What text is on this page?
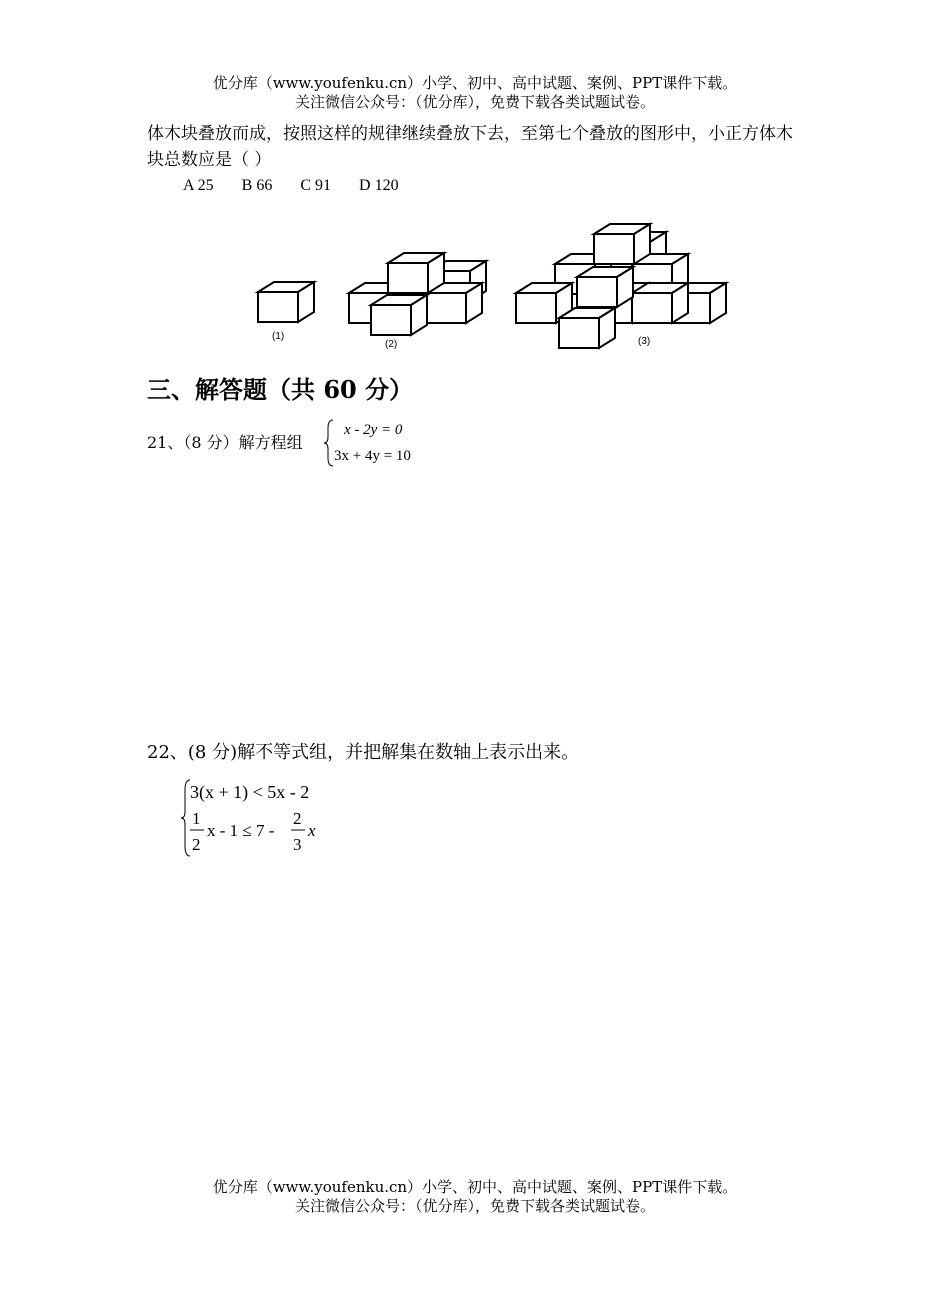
优分库（www.youfenku.cn）小学、初中、高中试题、案例、PPT课件下载。
关注微信公众号：（优分库），免费下载各类试题试卷。
体木块叠放而成，按照这样的规律继续叠放下去，至第七个叠放的图形中，小正方体木块总数应是（ ）
A 25 B 66 C 91 D 120
(1)
(2)	(3)
三、解答题（共 60 分）
21、（8 分）解方程组
x - 2y = 0
3x + 4y = 10
22、(8 分)解不等式组，并把解集在数轴上表示出来。
3(x + 1) < 5x - 2
1
2
x - 1 ≤ 7 -
2
3
x
优分库（www.youfenku.cn）小学、初中、高中试题、案例、PPT课件下载。
关注微信公众号：（优分库），免费下载各类试题试卷。
